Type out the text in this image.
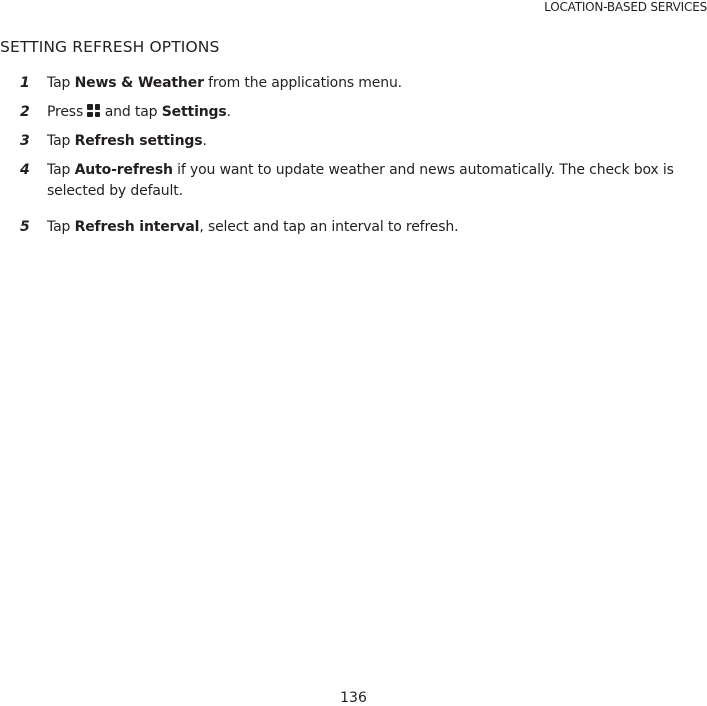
LOCATION-BASED SERVICES
SETTING REFRESH OPTIONS
1 Tap News & Weather from the applications menu.
2 Press
and tap Settings.
3 Tap Refresh settings.
4 Tap Auto-refresh if you want to update weather and news automatically. The check box is selected by default.
5 Tap Refresh interval, select and tap an interval to refresh.
136
